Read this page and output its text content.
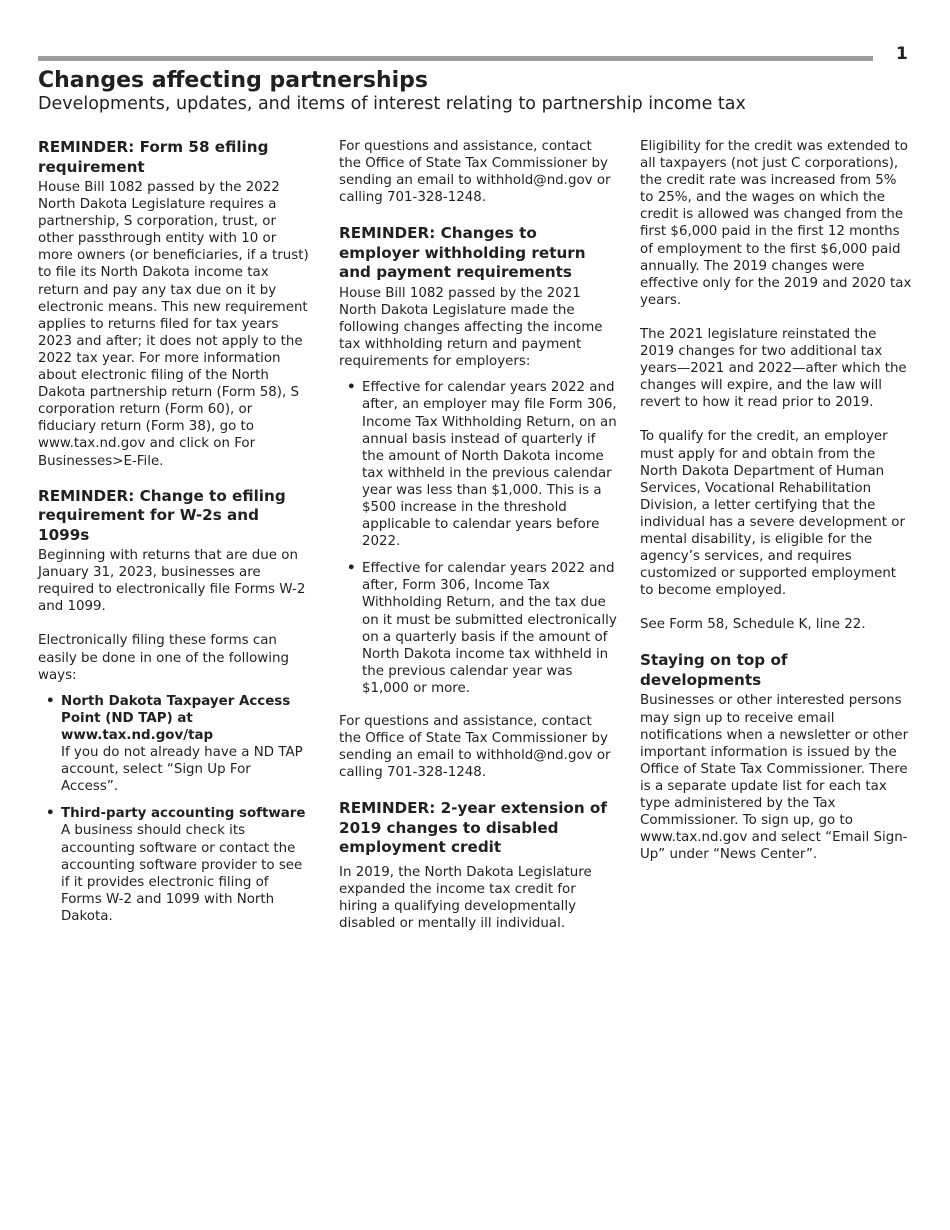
1
Changes affecting partnerships
Developments, updates, and items of interest relating to partnership income tax
REMINDER: Form 58 efiling requirement

House Bill 1082 passed by the 2022 North Dakota Legislature requires a partnership, S corporation, trust, or other passthrough entity with 10 or more owners (or beneficiaries, if a trust) to file its North Dakota income tax return and pay any tax due on it by electronic means. This new requirement applies to returns filed for tax years 2023 and after; it does not apply to the 2022 tax year. For more information about electronic filing of the North Dakota partnership return (Form 58), S corporation return (Form 60), or fiduciary return (Form 38), go to www.tax.nd.gov and click on For Businesses>E-File.

REMINDER: Change to efiling requirement for W-2s and 1099s

Beginning with returns that are due on January 31, 2023, businesses are required to electronically file Forms W-2 and 1099.

Electronically filing these forms can easily be done in one of the following ways:

• North Dakota Taxpayer Access Point (ND TAP) at www.tax.nd.gov/tap
If you do not already have a ND TAP account, select “Sign Up For Access”.
• Third-party accounting software
A business should check its accounting software or contact the accounting software provider to see if it provides electronic filing of Forms W-2 and 1099 with North Dakota.

For questions and assistance, contact the Office of State Tax Commissioner by sending an email to withhold@nd.gov or calling 701-328-1248.

REMINDER: Changes to employer withholding return and payment requirements

House Bill 1082 passed by the 2021 North Dakota Legislature made the following changes affecting the income tax withholding return and payment requirements for employers:

• Effective for calendar years 2022 and after, an employer may file Form 306, Income Tax Withholding Return, on an annual basis instead of quarterly if the amount of North Dakota income tax withheld in the previous calendar year was less than $1,000. This is a $500 increase in the threshold applicable to calendar years before 2022.
• Effective for calendar years 2022 and after, Form 306, Income Tax Withholding Return, and the tax due on it must be submitted electronically on a quarterly basis if the amount of North Dakota income tax withheld in the previous calendar year was $1,000 or more.

For questions and assistance, contact the Office of State Tax Commissioner by sending an email to withhold@nd.gov or calling 701-328-1248.

REMINDER: 2-year extension of 2019 changes to disabled employment credit

In 2019, the North Dakota Legislature expanded the income tax credit for hiring a qualifying developmentally disabled or mentally ill individual.

Eligibility for the credit was extended to all taxpayers (not just C corporations), the credit rate was increased from 5% to 25%, and the wages on which the credit is allowed was changed from the first $6,000 paid in the first 12 months of employment to the first $6,000 paid annually. The 2019 changes were effective only for the 2019 and 2020 tax years.

The 2021 legislature reinstated the 2019 changes for two additional tax years—2021 and 2022—after which the changes will expire, and the law will revert to how it read prior to 2019.

To qualify for the credit, an employer must apply for and obtain from the North Dakota Department of Human Services, Vocational Rehabilitation Division, a letter certifying that the individual has a severe development or mental disability, is eligible for the agency’s services, and requires customized or supported employment to become employed.

See Form 58, Schedule K, line 22.

Staying on top of developments

Businesses or other interested persons may sign up to receive email notifications when a newsletter or other important information is issued by the Office of State Tax Commissioner. There is a separate update list for each tax type administered by the Tax Commissioner. To sign up, go to www.tax.nd.gov and select “Email Sign-Up” under “News Center”.
